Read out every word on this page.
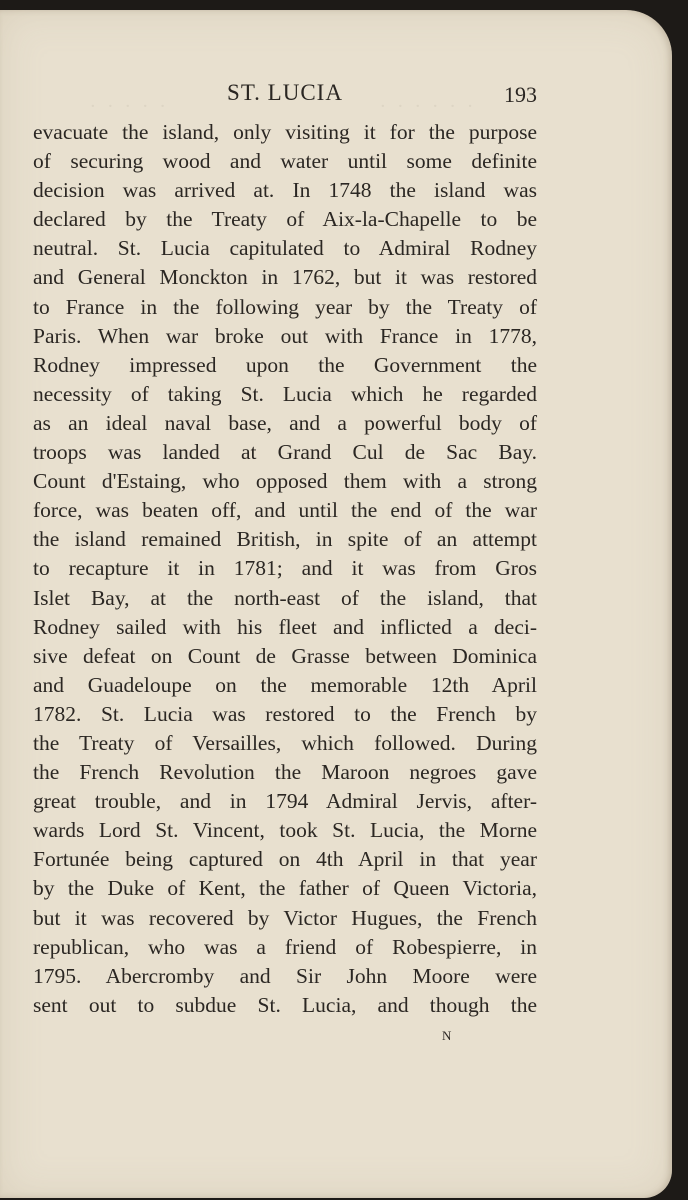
· · · · ·	· · · · · ·
ST. LUCIA	193
evacuate the island, only visiting it for the purpose
of securing wood and water until some definite
decision was arrived at. In 1748 the island was
declared by the Treaty of Aix-la-Chapelle to be
neutral. St. Lucia capitulated to Admiral Rodney
and General Monckton in 1762, but it was restored
to France in the following year by the Treaty of
Paris. When war broke out with France in 1778,
Rodney impressed upon the Government the
necessity of taking St. Lucia which he regarded
as an ideal naval base, and a powerful body of
troops was landed at Grand Cul de Sac Bay.
Count d'Estaing, who opposed them with a strong
force, was beaten off, and until the end of the war
the island remained British, in spite of an attempt
to recapture it in 1781; and it was from Gros
Islet Bay, at the north-east of the island, that
Rodney sailed with his fleet and inflicted a deci-
sive defeat on Count de Grasse between Dominica
and Guadeloupe on the memorable 12th April
1782. St. Lucia was restored to the French by
the Treaty of Versailles, which followed. During
the French Revolution the Maroon negroes gave
great trouble, and in 1794 Admiral Jervis, after-
wards Lord St. Vincent, took St. Lucia, the Morne
Fortunée being captured on 4th April in that year
by the Duke of Kent, the father of Queen Victoria,
but it was recovered by Victor Hugues, the French
republican, who was a friend of Robespierre, in
1795. Abercromby and Sir John Moore were
sent out to subdue St. Lucia, and though the
N
